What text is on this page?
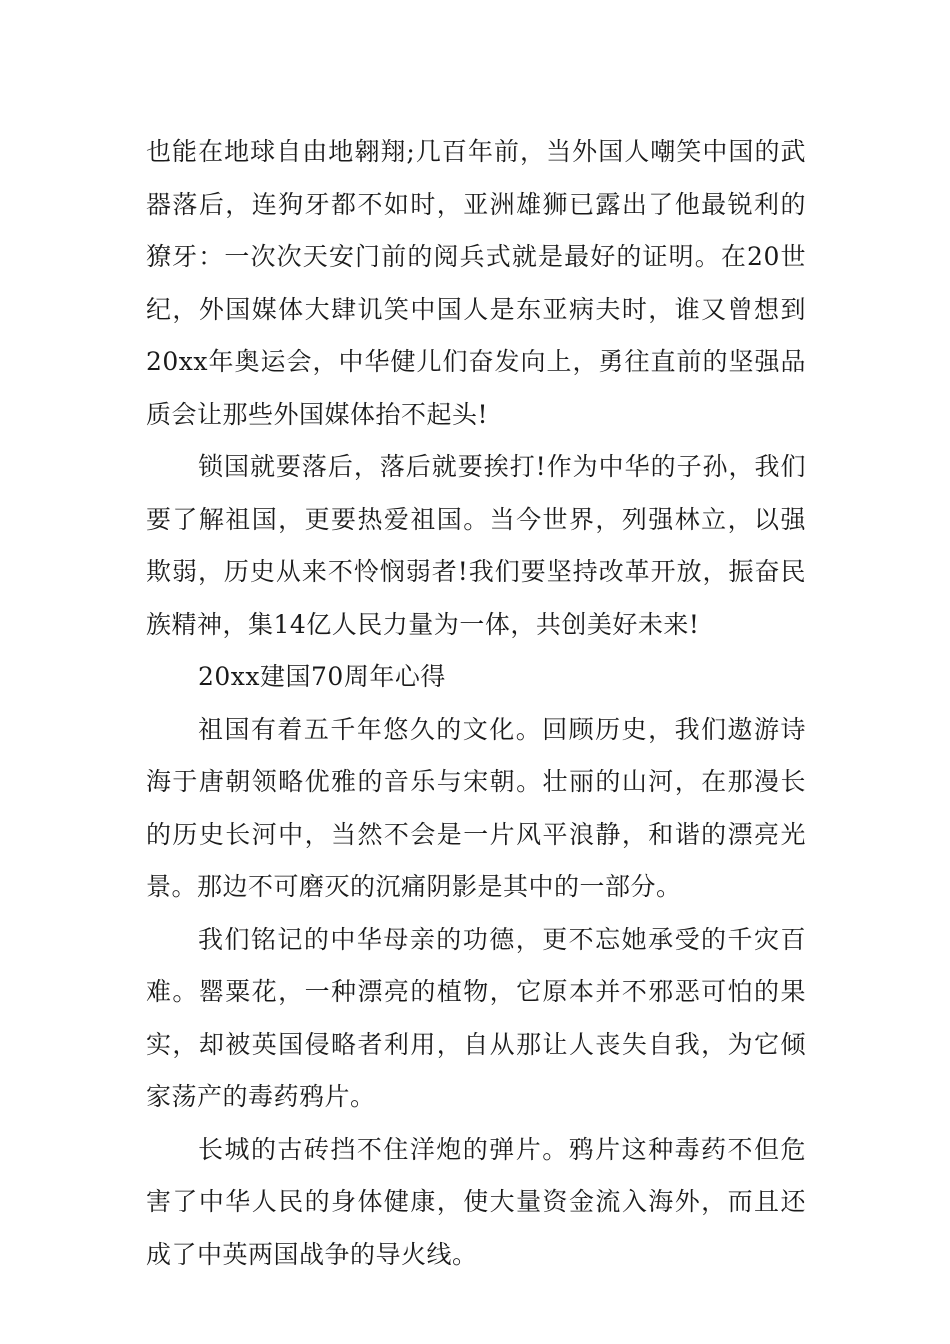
也能在地球自由地翱翔;几百年前，当外国人嘲笑中国的武器落后，连狗牙都不如时，亚洲雄狮已露出了他最锐利的獠牙：一次次天安门前的阅兵式就是最好的证明。在20世纪，外国媒体大肆讥笑中国人是东亚病夫时，谁又曾想到20xx年奥运会，中华健儿们奋发向上，勇往直前的坚强品质会让那些外国媒体抬不起头!

锁国就要落后，落后就要挨打!作为中华的子孙，我们要了解祖国，更要热爱祖国。当今世界，列强林立，以强欺弱，历史从来不怜悯弱者!我们要坚持改革开放，振奋民族精神，集14亿人民力量为一体，共创美好未来!

20xx建国70周年心得

祖国有着五千年悠久的文化。回顾历史，我们遨游诗海于唐朝领略优雅的音乐与宋朝。壮丽的山河，在那漫长的历史长河中，当然不会是一片风平浪静，和谐的漂亮光景。那边不可磨灭的沉痛阴影是其中的一部分。

我们铭记的中华母亲的功德，更不忘她承受的千灾百难。罂粟花，一种漂亮的植物，它原本并不邪恶可怕的果实，却被英国侵略者利用，自从那让人丧失自我，为它倾家荡产的毒药鸦片。

长城的古砖挡不住洋炮的弹片。鸦片这种毒药不但危害了中华人民的身体健康，使大量资金流入海外，而且还成了中英两国战争的导火线。
